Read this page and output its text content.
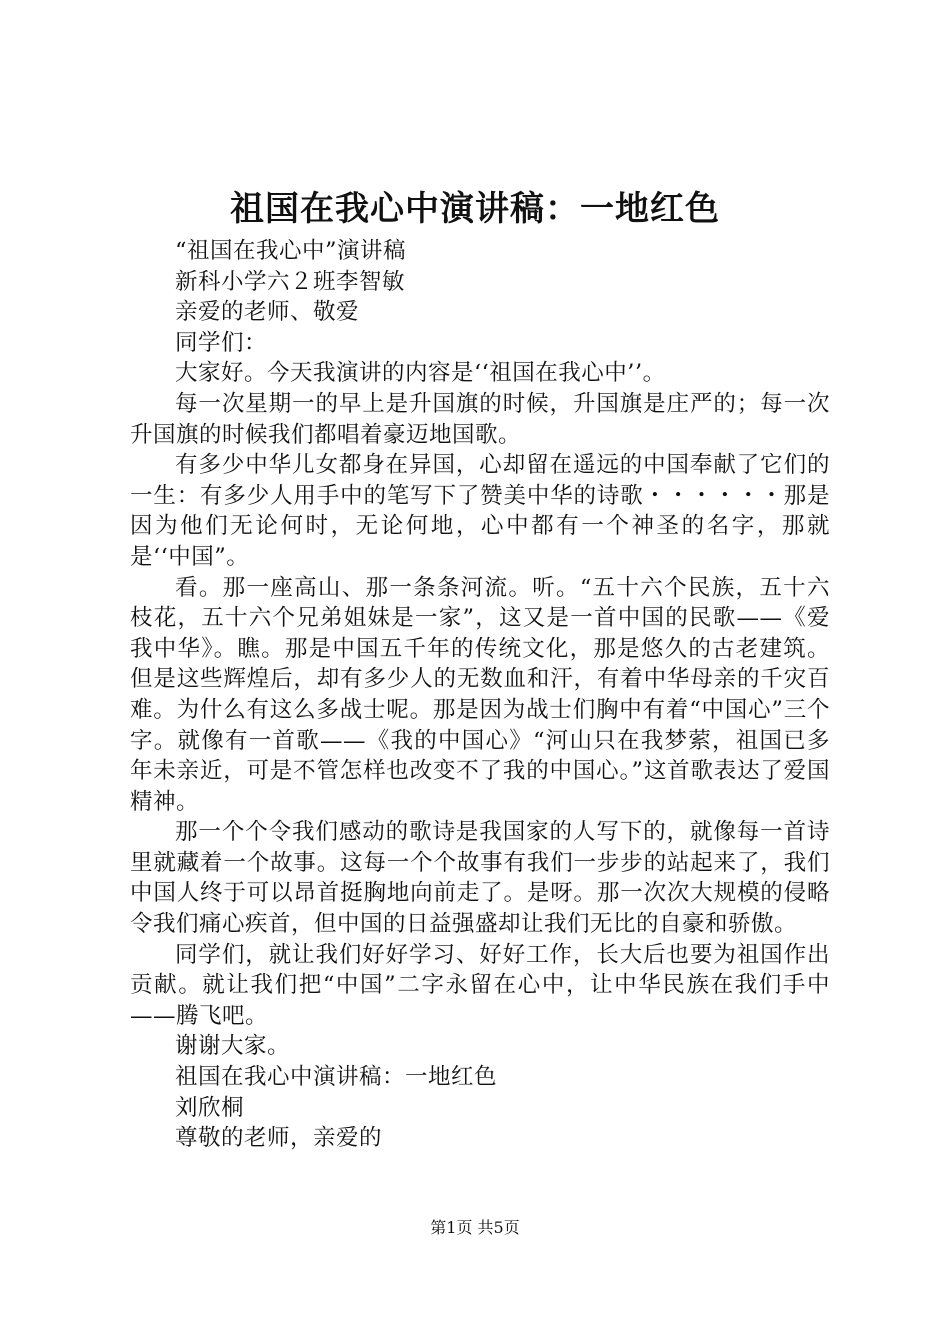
祖国在我心中演讲稿：一地红色

“祖国在我心中”演讲稿

新科小学六２班李智敏

亲爱的老师、敬爱

同学们：

大家好。今天我演讲的内容是‘‘祖国在我心中’’。

每一次星期一的早上是升国旗的时候，升国旗是庄严的；每一次升国旗的时候我们都唱着豪迈地国歌。

有多少中华儿女都身在异国，心却留在遥远的中国奉献了它们的一生：有多少人用手中的笔写下了赞美中华的诗歌・・・・・・那是因为他们无论何时，无论何地，心中都有一个神圣的名字，那就是‘‘中国”。

看。那一座高山、那一条条河流。听。“五十六个民族，五十六枝花，五十六个兄弟姐妹是一家”，这又是一首中国的民歌——《爱我中华》。瞧。那是中国五千年的传统文化，那是悠久的古老建筑。但是这些辉煌后，却有多少人的无数血和汗，有着中华母亲的千灾百难。为什么有这么多战士呢。那是因为战士们胸中有着“中国心”三个字。就像有一首歌——《我的中国心》“河山只在我梦萦，祖国已多年未亲近，可是不管怎样也改变不了我的中国心。”这首歌表达了爱国精神。

那一个个令我们感动的歌诗是我国家的人写下的，就像每一首诗里就藏着一个故事。这每一个个故事有我们一步步的站起来了，我们中国人终于可以昂首挺胸地向前走了。是呀。那一次次大规模的侵略令我们痛心疾首，但中国的日益强盛却让我们无比的自豪和骄傲。

同学们，就让我们好好学习、好好工作，长大后也要为祖国作出贡献。就让我们把“中国”二字永留在心中，让中华民族在我们手中——腾飞吧。

谢谢大家。

祖国在我心中演讲稿：一地红色

刘欣桐

尊敬的老师，亲爱的

第1页 共5页
